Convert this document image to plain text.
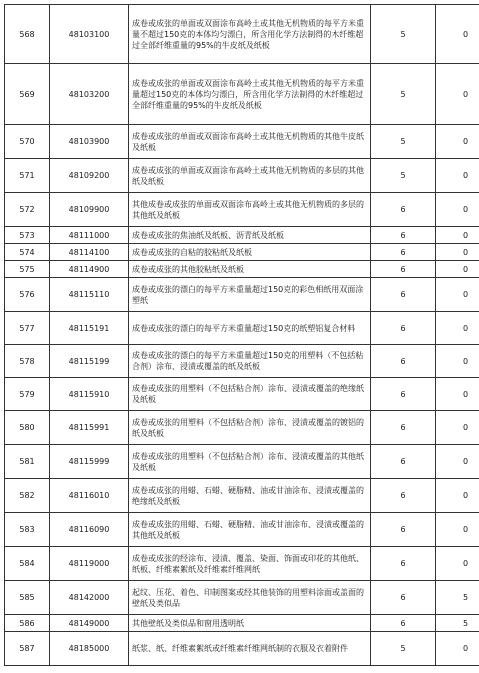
568	48103100	成卷或成张的单面或双面涂布高岭土或其他无机物质的每平方米重量不超过150克的本体均匀漂白，所含用化学方法制得的木纤维超过全部纤维重量的95%的牛皮纸及纸板	5	0
569	48103200	成卷或成张的单面或双面涂布高岭土或其他无机物质的每平方米重量超过150克的本体均匀漂白，所含用化学方法制得的木纤维超过全部纤维重量的95%的牛皮纸及纸板	5	0
570	48103900	成卷或成张的单面或双面涂布高岭土或其他无机物质的其他牛皮纸及纸板	5	0
571	48109200	成卷或成张的单面或双面涂布高岭土或其他无机物质的多层的其他纸及纸板	5	0
572	48109900	其他成卷或成张的单面或双面涂布高岭土或其他无机物质的多层的其他纸及纸板	6	0
573	48111000	成卷或成张的焦油纸及纸板、沥青纸及纸板	6	0
574	48114100	成卷或成张的自粘的胶粘纸及纸板	6	0
575	48114900	成卷或成张的其他胶粘纸及纸板	6	0
576	48115110	成卷或成张的漂白的每平方米重量超过150克的彩色相纸用双面涂塑纸	6	0
577	48115191	成卷或成张的漂白的每平方米重量超过150克的纸塑铝复合材料	6	0
578	48115199	成卷或成张的漂白的每平方米重量超过150克的用塑料（不包括粘合剂）涂布、浸渍或覆盖的纸及纸板	6	0
579	48115910	成卷或成张的用塑料（不包括粘合剂）涂布、浸渍或覆盖的绝缘纸及纸板	6	0
580	48115991	成卷或成张的用塑料（不包括粘合剂）涂布、浸渍或覆盖的镀铝的纸及纸板	6	0
581	48115999	成卷或成张的用塑料（不包括粘合剂）涂布、浸渍或覆盖的其他纸及纸板	6	0
582	48116010	成卷或成张的用蜡、石蜡、硬脂精、油或甘油涂布、浸渍或覆盖的绝缘纸及纸板	6	0
583	48116090	成卷或成张的用蜡、石蜡、硬脂精、油或甘油涂布、浸渍或覆盖的其他纸及纸板	6	0
584	48119000	成卷或成张的经涂布、浸渍、覆盖、染面、饰面或印花的其他纸、纸板、纤维素絮纸及纤维素纤维网纸	6	0
585	48142000	起纹、压花、着色、印制图案或经其他装饰的用塑料涂面或盖面的壁纸及类似品	6	5
586	48149000	其他壁纸及类似品和窗用透明纸	6	5
587	48185000	纸浆、纸、纤维素絮纸或纤维素纤维网纸制的衣服及衣着附件	5	0
